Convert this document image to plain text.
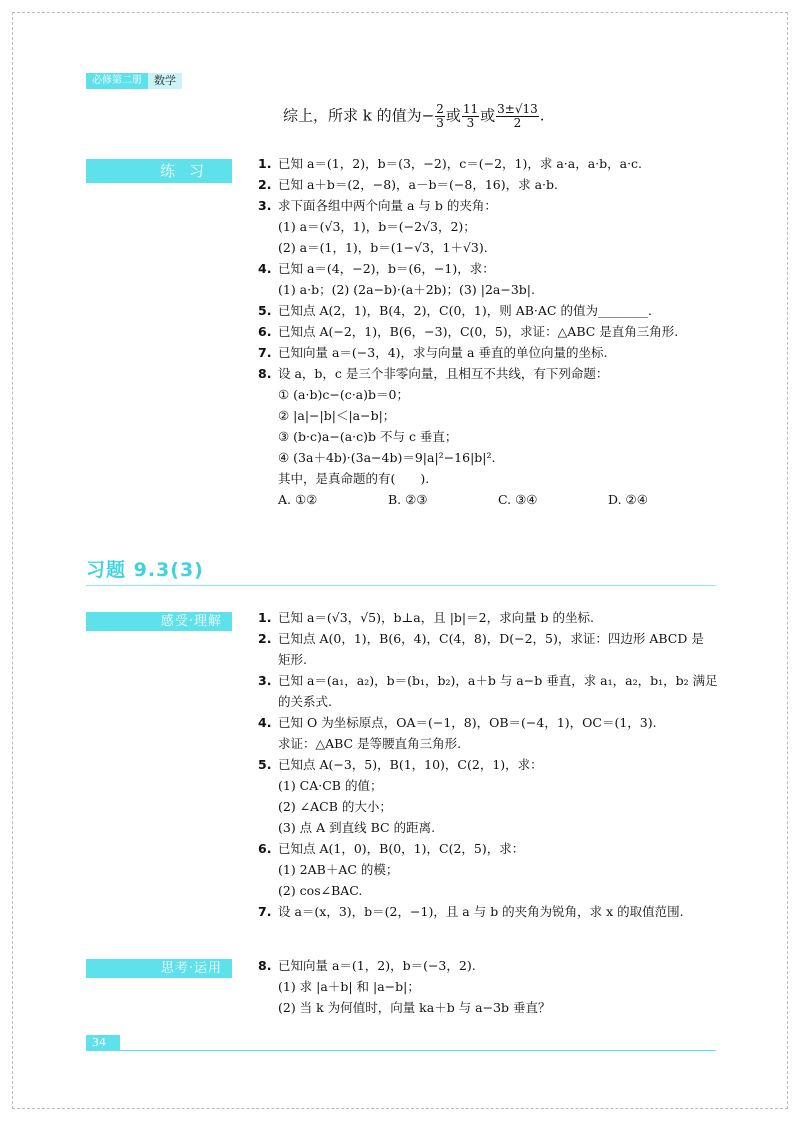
必修第二册	数学
综上，所求 k 的值为− $\frac{2}{3}$ 或 $\frac{11}{3}$ 或 $\frac{3\pm√13}{2}$ .
练习	1. 已知 a＝(1，2)，b＝(3，−2)，c＝(−2，1)，求 a·a，a·b，a·c.
2. 已知 a＋b＝(2，−8)，a－b＝(−8，16)，求 a·b.
3. 求下面各组中两个向量 a 与 b 的夹角：
(1) a＝(√3，1)，b＝(−2√3，2)；
(2) a＝(1，1)，b＝(1−√3，1＋√3).
4. 已知 a＝(4，−2)，b＝(6，−1)，求：
(1) a·b；(2) (2a−b)·(a＋2b)；(3) |2a−3b|.
5. 已知点 A(2，1)，B(4，2)，C(0，1)，则 AB·AC 的值为________.
6. 已知点 A(−2，1)，B(6，−3)，C(0，5)，求证：△ABC 是直角三角形.
7. 已知向量 a＝(−3，4)，求与向量 a 垂直的单位向量的坐标.
8. 设 a，b，c 是三个非零向量，且相互不共线，有下列命题：
① (a·b)c−(c·a)b＝0；
② |a|−|b|＜|a−b|；
③ (b·c)a−(a·c)b 不与 c 垂直；
④ (3a＋4b)·(3a−4b)＝9|a|²−16|b|².
其中，是真命题的有(　　).
A. ①②	B. ②③	C. ③④	D. ②④
习题 9.3(3)
感受·理解	1. 已知 a＝(√3，√5)，b⊥a，且 |b|＝2，求向量 b 的坐标.
2. 已知点 A(0，1)，B(6，4)，C(4，8)，D(−2，5)，求证：四边形 ABCD 是
矩形.
3. 已知 a＝(a₁，a₂)，b＝(b₁，b₂)，a＋b 与 a−b 垂直，求 a₁，a₂，b₁，b₂ 满足
的关系式.
4. 已知 O 为坐标原点，OA＝(−1，8)，OB＝(−4，1)，OC＝(1，3).
求证：△ABC 是等腰直角三角形.
5. 已知点 A(−3，5)，B(1，10)，C(2，1)，求：
(1) CA·CB 的值；
(2) ∠ACB 的大小；
(3) 点 A 到直线 BC 的距离.
6. 已知点 A(1，0)，B(0，1)，C(2，5)，求：
(1) 2AB＋AC 的模；
(2) cos∠BAC.
7. 设 a＝(x，3)，b＝(2，−1)，且 a 与 b 的夹角为锐角，求 x 的取值范围.
思考·运用	8. 已知向量 a＝(1，2)，b＝(−3，2).
(1) 求 |a＋b| 和 |a−b|；
(2) 当 k 为何值时，向量 ka＋b 与 a−3b 垂直？
34
